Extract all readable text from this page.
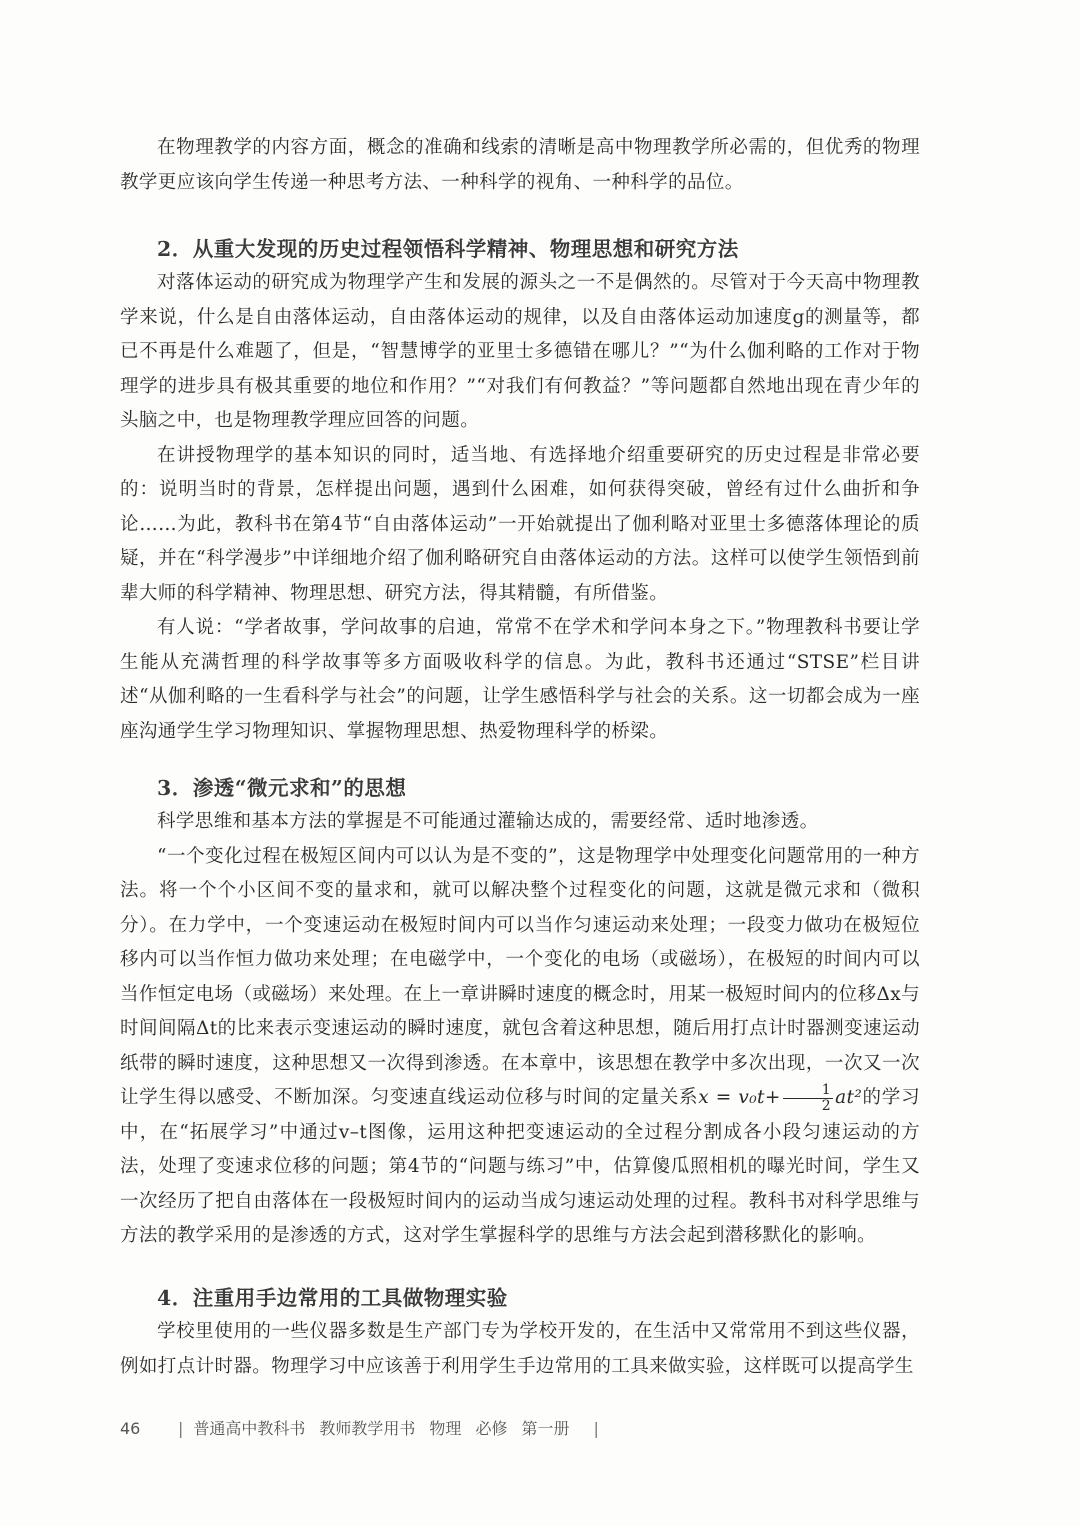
在物理教学的内容方面，概念的准确和线索的清晰是高中物理教学所必需的，但优秀的物理教学更应该向学生传递一种思考方法、一种科学的视角、一种科学的品位。

2．从重大发现的历史过程领悟科学精神、物理思想和研究方法

对落体运动的研究成为物理学产生和发展的源头之一不是偶然的。尽管对于今天高中物理教学来说，什么是自由落体运动，自由落体运动的规律，以及自由落体运动加速度g的测量等，都已不再是什么难题了，但是，“智慧博学的亚里士多德错在哪儿？”“为什么伽利略的工作对于物理学的进步具有极其重要的地位和作用？”“对我们有何教益？”等问题都自然地出现在青少年的头脑之中，也是物理教学理应回答的问题。

在讲授物理学的基本知识的同时，适当地、有选择地介绍重要研究的历史过程是非常必要的：说明当时的背景，怎样提出问题，遇到什么困难，如何获得突破，曾经有过什么曲折和争论……为此，教科书在第4节“自由落体运动”一开始就提出了伽利略对亚里士多德落体理论的质疑，并在“科学漫步”中详细地介绍了伽利略研究自由落体运动的方法。这样可以使学生领悟到前辈大师的科学精神、物理思想、研究方法，得其精髓，有所借鉴。

有人说：“学者故事，学问故事的启迪，常常不在学术和学问本身之下。”物理教科书要让学生能从充满哲理的科学故事等多方面吸收科学的信息。为此，教科书还通过“STSE”栏目讲述“从伽利略的一生看科学与社会”的问题，让学生感悟科学与社会的关系。这一切都会成为一座座沟通学生学习物理知识、掌握物理思想、热爱物理科学的桥梁。

3．渗透“微元求和”的思想

科学思维和基本方法的掌握是不可能通过灌输达成的，需要经常、适时地渗透。

“一个变化过程在极短区间内可以认为是不变的”，这是物理学中处理变化问题常用的一种方法。将一个个小区间不变的量求和，就可以解决整个过程变化的问题，这就是微元求和（微积分）。在力学中，一个变速运动在极短时间内可以当作匀速运动来处理；一段变力做功在极短位移内可以当作恒力做功来处理；在电磁学中，一个变化的电场（或磁场），在极短的时间内可以当作恒定电场（或磁场）来处理。在上一章讲瞬时速度的概念时，用某一极短时间内的位移Δx与时间间隔Δt的比来表示变速运动的瞬时速度，就包含着这种思想，随后用打点计时器测变速运动纸带的瞬时速度，这种思想又一次得到渗透。在本章中，该思想在教学中多次出现，一次又一次让学生得以感受、不断加深。匀变速直线运动位移与时间的定量关系$x = v_0t+ \frac{1}{2} at^2$的学习中，在“拓展学习”中通过v–t图像，运用这种把变速运动的全过程分割成各小段匀速运动的方法，处理了变速求位移的问题；第4节的“问题与练习”中，估算傻瓜照相机的曝光时间，学生又一次经历了把自由落体在一段极短时间内的运动当成匀速运动处理的过程。教科书对科学思维与方法的教学采用的是渗透的方式，这对学生掌握科学的思维与方法会起到潜移默化的影响。

4．注重用手边常用的工具做物理实验

学校里使用的一些仪器多数是生产部门专为学校开发的，在生活中又常常用不到这些仪器，例如打点计时器。物理学习中应该善于利用学生手边常用的工具来做实验，这样既可以提高学生

46 | 普通高中教科书 教师教学用书 物理 必修 第一册 |
